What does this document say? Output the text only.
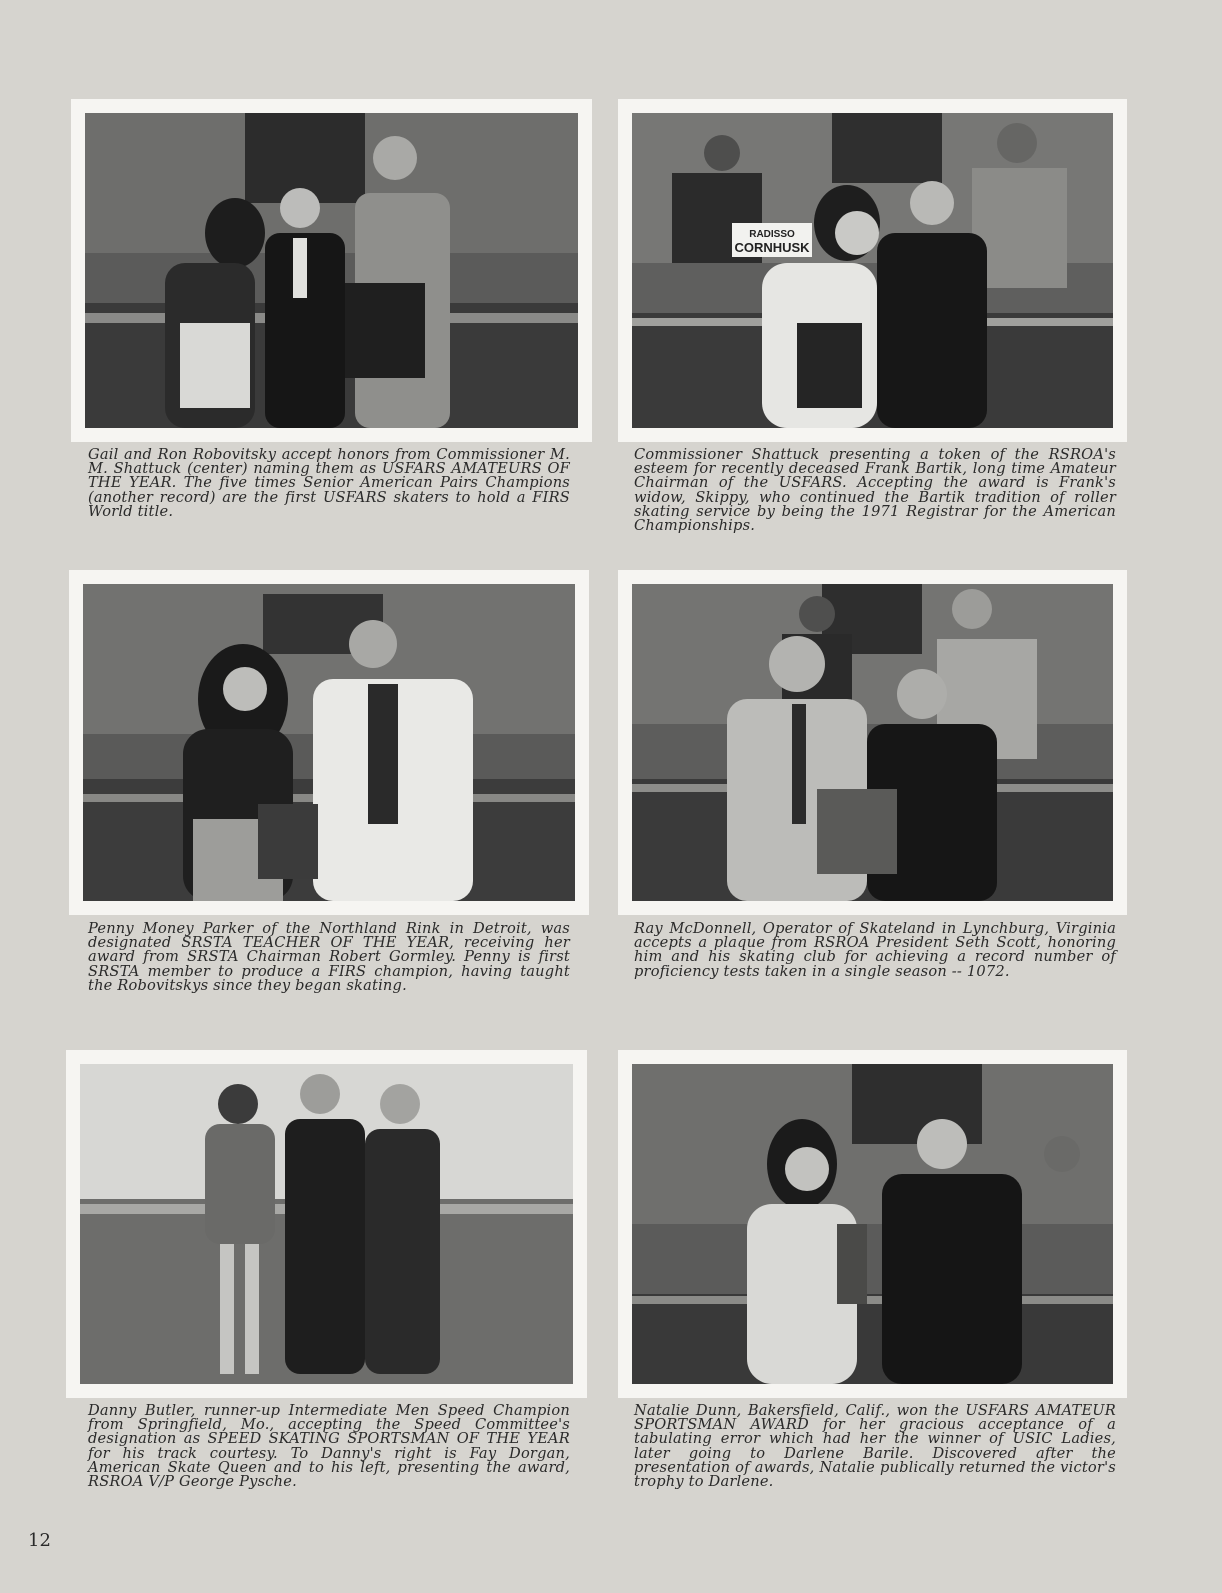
Gail and Ron Robovitsky accept honors from Commissioner M. M. Shattuck (center) naming them as USFARS AMATEURS OF THE YEAR. The five times Senior American Pairs Champions (another record) are the first USFARS skaters to hold a FIRS World title.

RADISSO
CORNHUSK

Commissioner Shattuck presenting a token of the RSROA's esteem for recently deceased Frank Bartik, long time Amateur Chairman of the USFARS. Accepting the award is Frank's widow, Skippy, who continued the Bartik tradition of roller skating service by being the 1971 Registrar for the American Championships.

Penny Money Parker of the Northland Rink in Detroit, was designated SRSTA TEACHER OF THE YEAR, receiving her award from SRSTA Chairman Robert Gormley. Penny is first SRSTA member to produce a FIRS champion, having taught the Robovitskys since they began skating.

Ray McDonnell, Operator of Skateland in Lynchburg, Virginia accepts a plaque from RSROA President Seth Scott, honoring him and his skating club for achieving a record number of proficiency tests taken in a single season -- 1072.

Danny Butler, runner-up Intermediate Men Speed Champion from Springfield, Mo., accepting the Speed Committee's designation as SPEED SKATING SPORTSMAN OF THE YEAR for his track courtesy. To Danny's right is Fay Dorgan, American Skate Queen and to his left, presenting the award, RSROA V/P George Pysche.

Natalie Dunn, Bakersfield, Calif., won the USFARS AMATEUR SPORTSMAN AWARD for her gracious acceptance of a tabulating error which had her the winner of USIC Ladies, later going to Darlene Barile. Discovered after the presentation of awards, Natalie publically returned the victor's trophy to Darlene.

12
